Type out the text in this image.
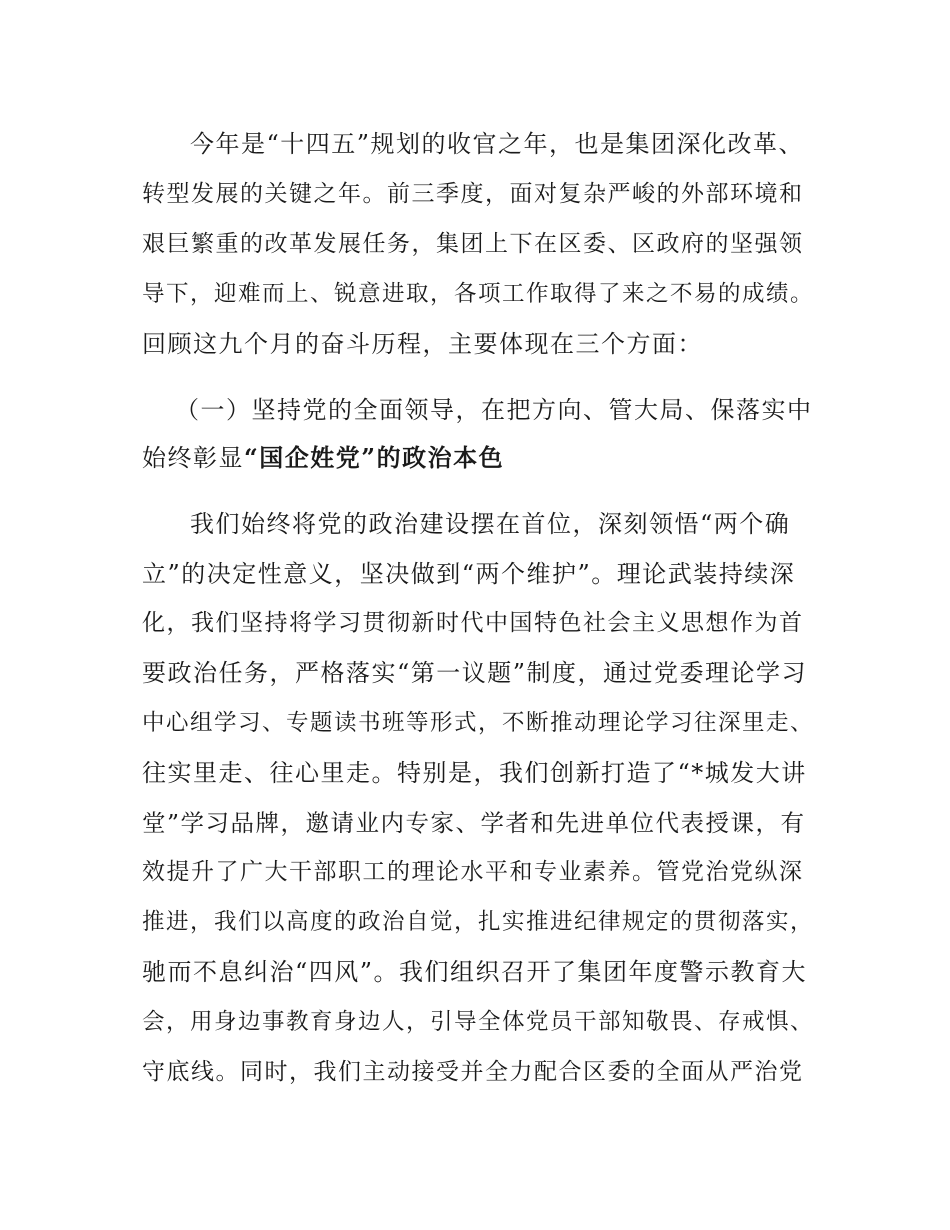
今年是“十四五”规划的收官之年，也是集团深化改革、

转型发展的关键之年。前三季度，面对复杂严峻的外部环境和

艰巨繁重的改革发展任务，集团上下在区委、区政府的坚强领

导下，迎难而上、锐意进取，各项工作取得了来之不易的成绩。

回顾这九个月的奋斗历程，主要体现在三个方面：

（一）坚持党的全面领导，在把方向、管大局、保落实中

始终彰显“国企姓党”的政治本色

我们始终将党的政治建设摆在首位，深刻领悟“两个确

立”的决定性意义，坚决做到“两个维护”。理论武装持续深

化，我们坚持将学习贯彻新时代中国特色社会主义思想作为首

要政治任务，严格落实“第一议题”制度，通过党委理论学习

中心组学习、专题读书班等形式，不断推动理论学习往深里走、

往实里走、往心里走。特别是，我们创新打造了“*城发大讲

堂”学习品牌，邀请业内专家、学者和先进单位代表授课，有

效提升了广大干部职工的理论水平和专业素养。管党治党纵深

推进，我们以高度的政治自觉，扎实推进纪律规定的贯彻落实，

驰而不息纠治“四风”。我们组织召开了集团年度警示教育大

会，用身边事教育身边人，引导全体党员干部知敬畏、存戒惧、

守底线。同时，我们主动接受并全力配合区委的全面从严治党
